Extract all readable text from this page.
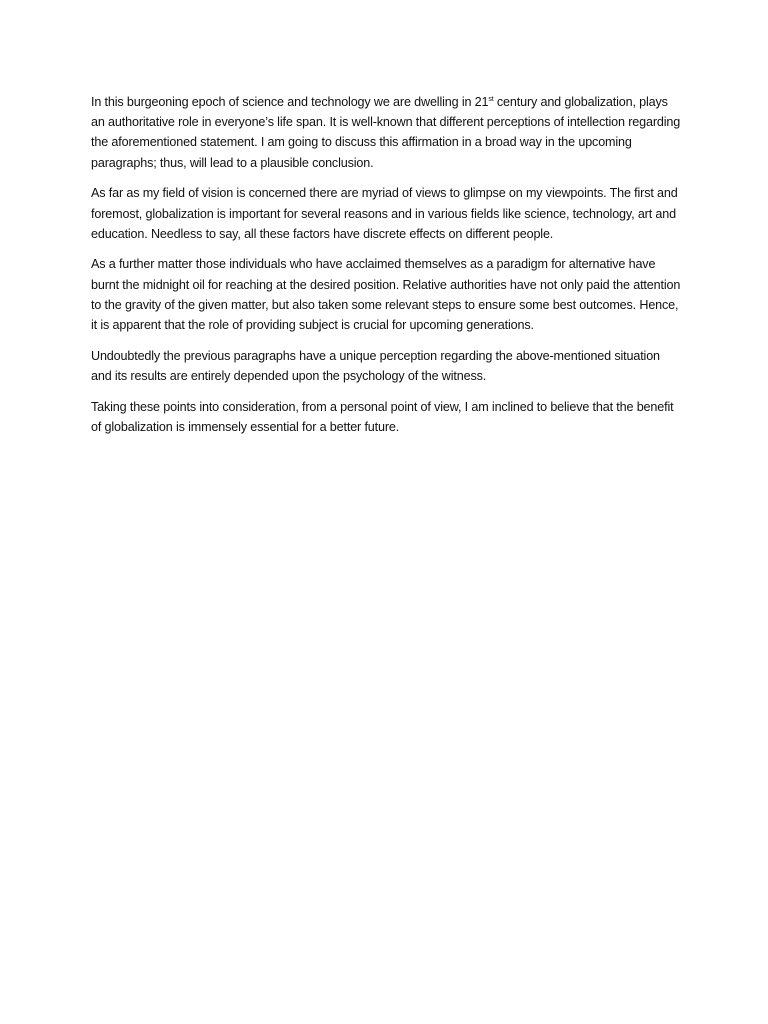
In this burgeoning epoch of science and technology we are dwelling in 21st century and globalization, plays an authoritative role in everyone’s life span. It is well-known that different perceptions of intellection regarding the aforementioned statement. I am going to discuss this affirmation in a broad way in the upcoming paragraphs; thus, will lead to a plausible conclusion.

As far as my field of vision is concerned there are myriad of views to glimpse on my viewpoints. The first and foremost, globalization is important for several reasons and in various fields like science, technology, art and education. Needless to say, all these factors have discrete effects on different people.

As a further matter those individuals who have acclaimed themselves as a paradigm for alternative have burnt the midnight oil for reaching at the desired position. Relative authorities have not only paid the attention to the gravity of the given matter, but also taken some relevant steps to ensure some best outcomes. Hence, it is apparent that the role of providing subject is crucial for upcoming generations.

Undoubtedly the previous paragraphs have a unique perception regarding the above-mentioned situation and its results are entirely depended upon the psychology of the witness.

Taking these points into consideration, from a personal point of view, I am inclined to believe that the benefit of globalization is immensely essential for a better future.
